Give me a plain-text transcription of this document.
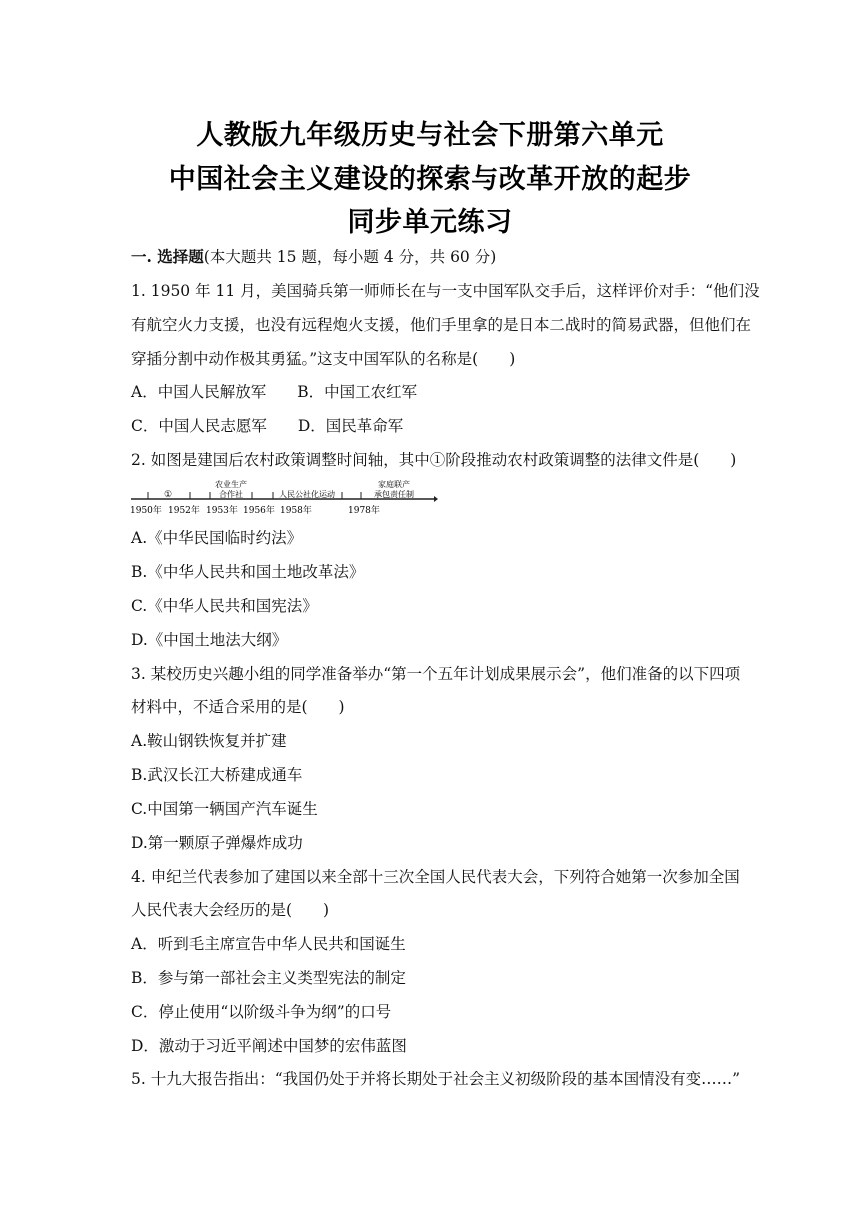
人教版九年级历史与社会下册第六单元
中国社会主义建设的探索与改革开放的起步
同步单元练习
一. 选择题(本大题共 15 题，每小题 4 分，共 60 分)
1. 1950 年 11 月，美国骑兵第一师师长在与一支中国军队交手后，这样评价对手：“他们没
有航空火力支援，也没有远程炮火支援，他们手里拿的是日本二战时的简易武器，但他们在
穿插分割中动作极其勇猛。”这支中国军队的名称是(　　)
A．中国人民解放军　　B．中国工农红军
C．中国人民志愿军　　D．国民革命军
2. 如图是建国后农村政策调整时间轴，其中①阶段推动农村政策调整的法律文件是(　　)
①
农业生产
合作社	人民公社化运动
家庭联产
承包责任制
1950年 1952年 1953年 1956年 1958年	1978年
A.《中华民国临时约法》
B.《中华人民共和国土地改革法》
C.《中华人民共和国宪法》
D.《中国土地法大纲》
3. 某校历史兴趣小组的同学准备举办“第一个五年计划成果展示会”，他们准备的以下四项
材料中，不适合采用的是(　　)
A.鞍山钢铁恢复并扩建
B.武汉长江大桥建成通车
C.中国第一辆国产汽车诞生
D.第一颗原子弹爆炸成功
4. 申纪兰代表参加了建国以来全部十三次全国人民代表大会，下列符合她第一次参加全国
人民代表大会经历的是(　　)
A．听到毛主席宣告中华人民共和国诞生
B．参与第一部社会主义类型宪法的制定
C．停止使用“以阶级斗争为纲”的口号
D．激动于习近平阐述中国梦的宏伟蓝图
5. 十九大报告指出：“我国仍处于并将长期处于社会主义初级阶段的基本国情没有变……”
